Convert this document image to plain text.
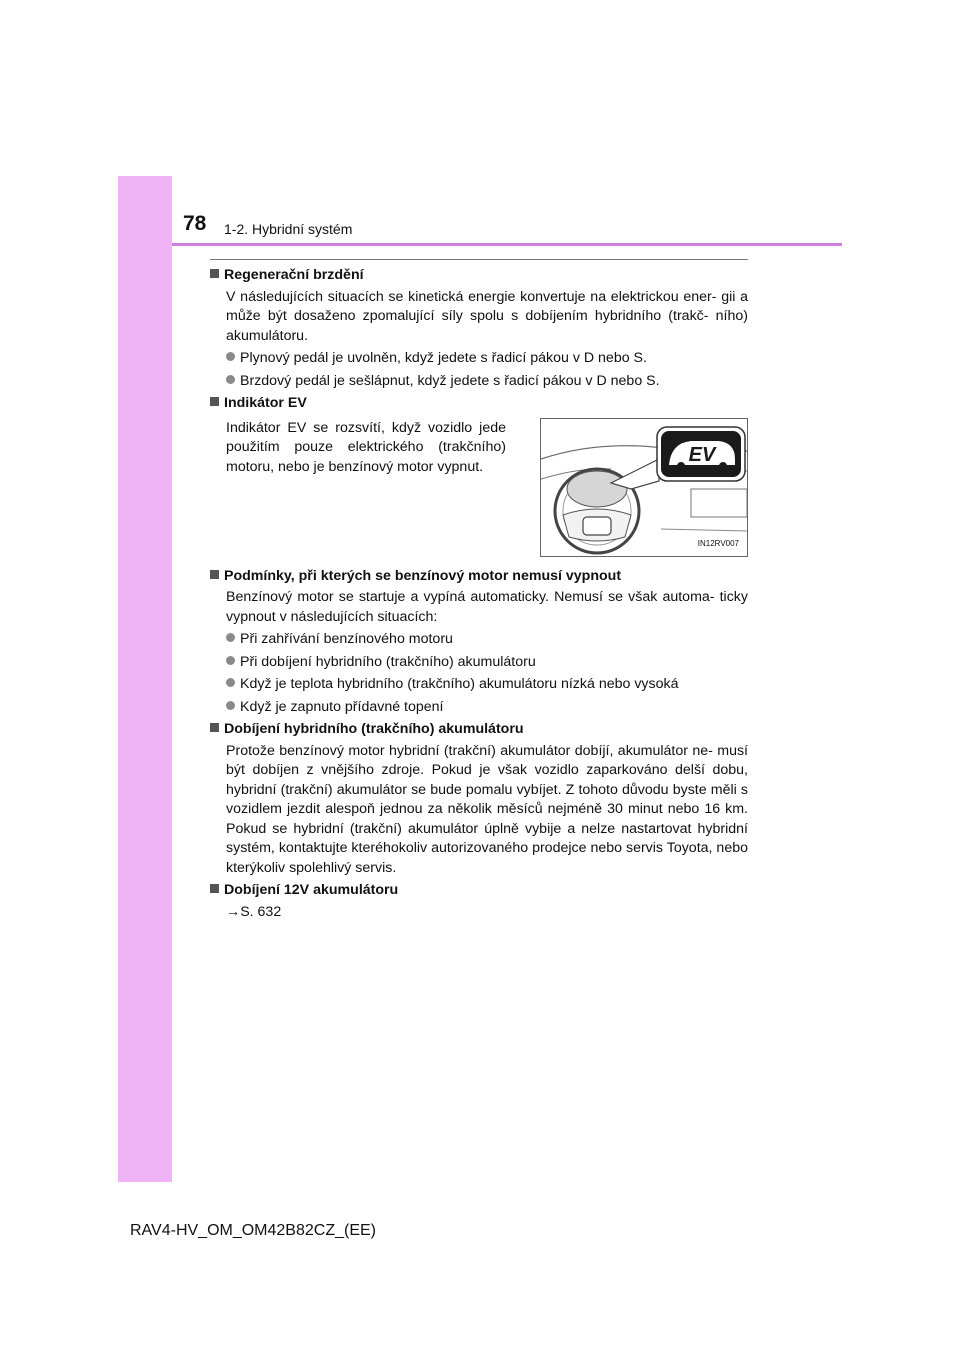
78 1-2. Hybridní systém
Regenerační brzdění

V následujících situacích se kinetická energie konvertuje na elektrickou ener- gii a může být dosaženo zpomalující síly spolu s dobíjením hybridního (trakč- ního) akumulátoru.

Plynový pedál je uvolněn, když jedete s řadicí pákou v D nebo S.
Brzdový pedál je sešlápnut, když jedete s řadicí pákou v D nebo S.
Indikátor EV

Indikátor EV se rozsvítí, když vozidlo jede použitím pouze elektrického (trakčního) motoru, nebo je benzínový motor vypnut.

EV
IN12RV007
Podmínky, při kterých se benzínový motor nemusí vypnout

Benzínový motor se startuje a vypíná automaticky. Nemusí se však automa- ticky vypnout v následujících situacích:

Při zahřívání benzínového motoru
Při dobíjení hybridního (trakčního) akumulátoru
Když je teplota hybridního (trakčního) akumulátoru nízká nebo vysoká
Když je zapnuto přídavné topení
Dobíjení hybridního (trakčního) akumulátoru

Protože benzínový motor hybridní (trakční) akumulátor dobíjí, akumulátor ne- musí být dobíjen z vnějšího zdroje. Pokud je však vozidlo zaparkováno delší dobu, hybridní (trakční) akumulátor se bude pomalu vybíjet. Z tohoto důvodu byste měli s vozidlem jezdit alespoň jednou za několik měsíců nejméně 30 minut nebo 16 km. Pokud se hybridní (trakční) akumulátor úplně vybije a nelze nastartovat hybridní systém, kontaktujte kteréhokoliv autorizovaného prodejce nebo servis Toyota, nebo kterýkoliv spolehlivý servis.

Dobíjení 12V akumulátoru
→S. 632
RAV4-HV_OM_OM42B82CZ_(EE)
